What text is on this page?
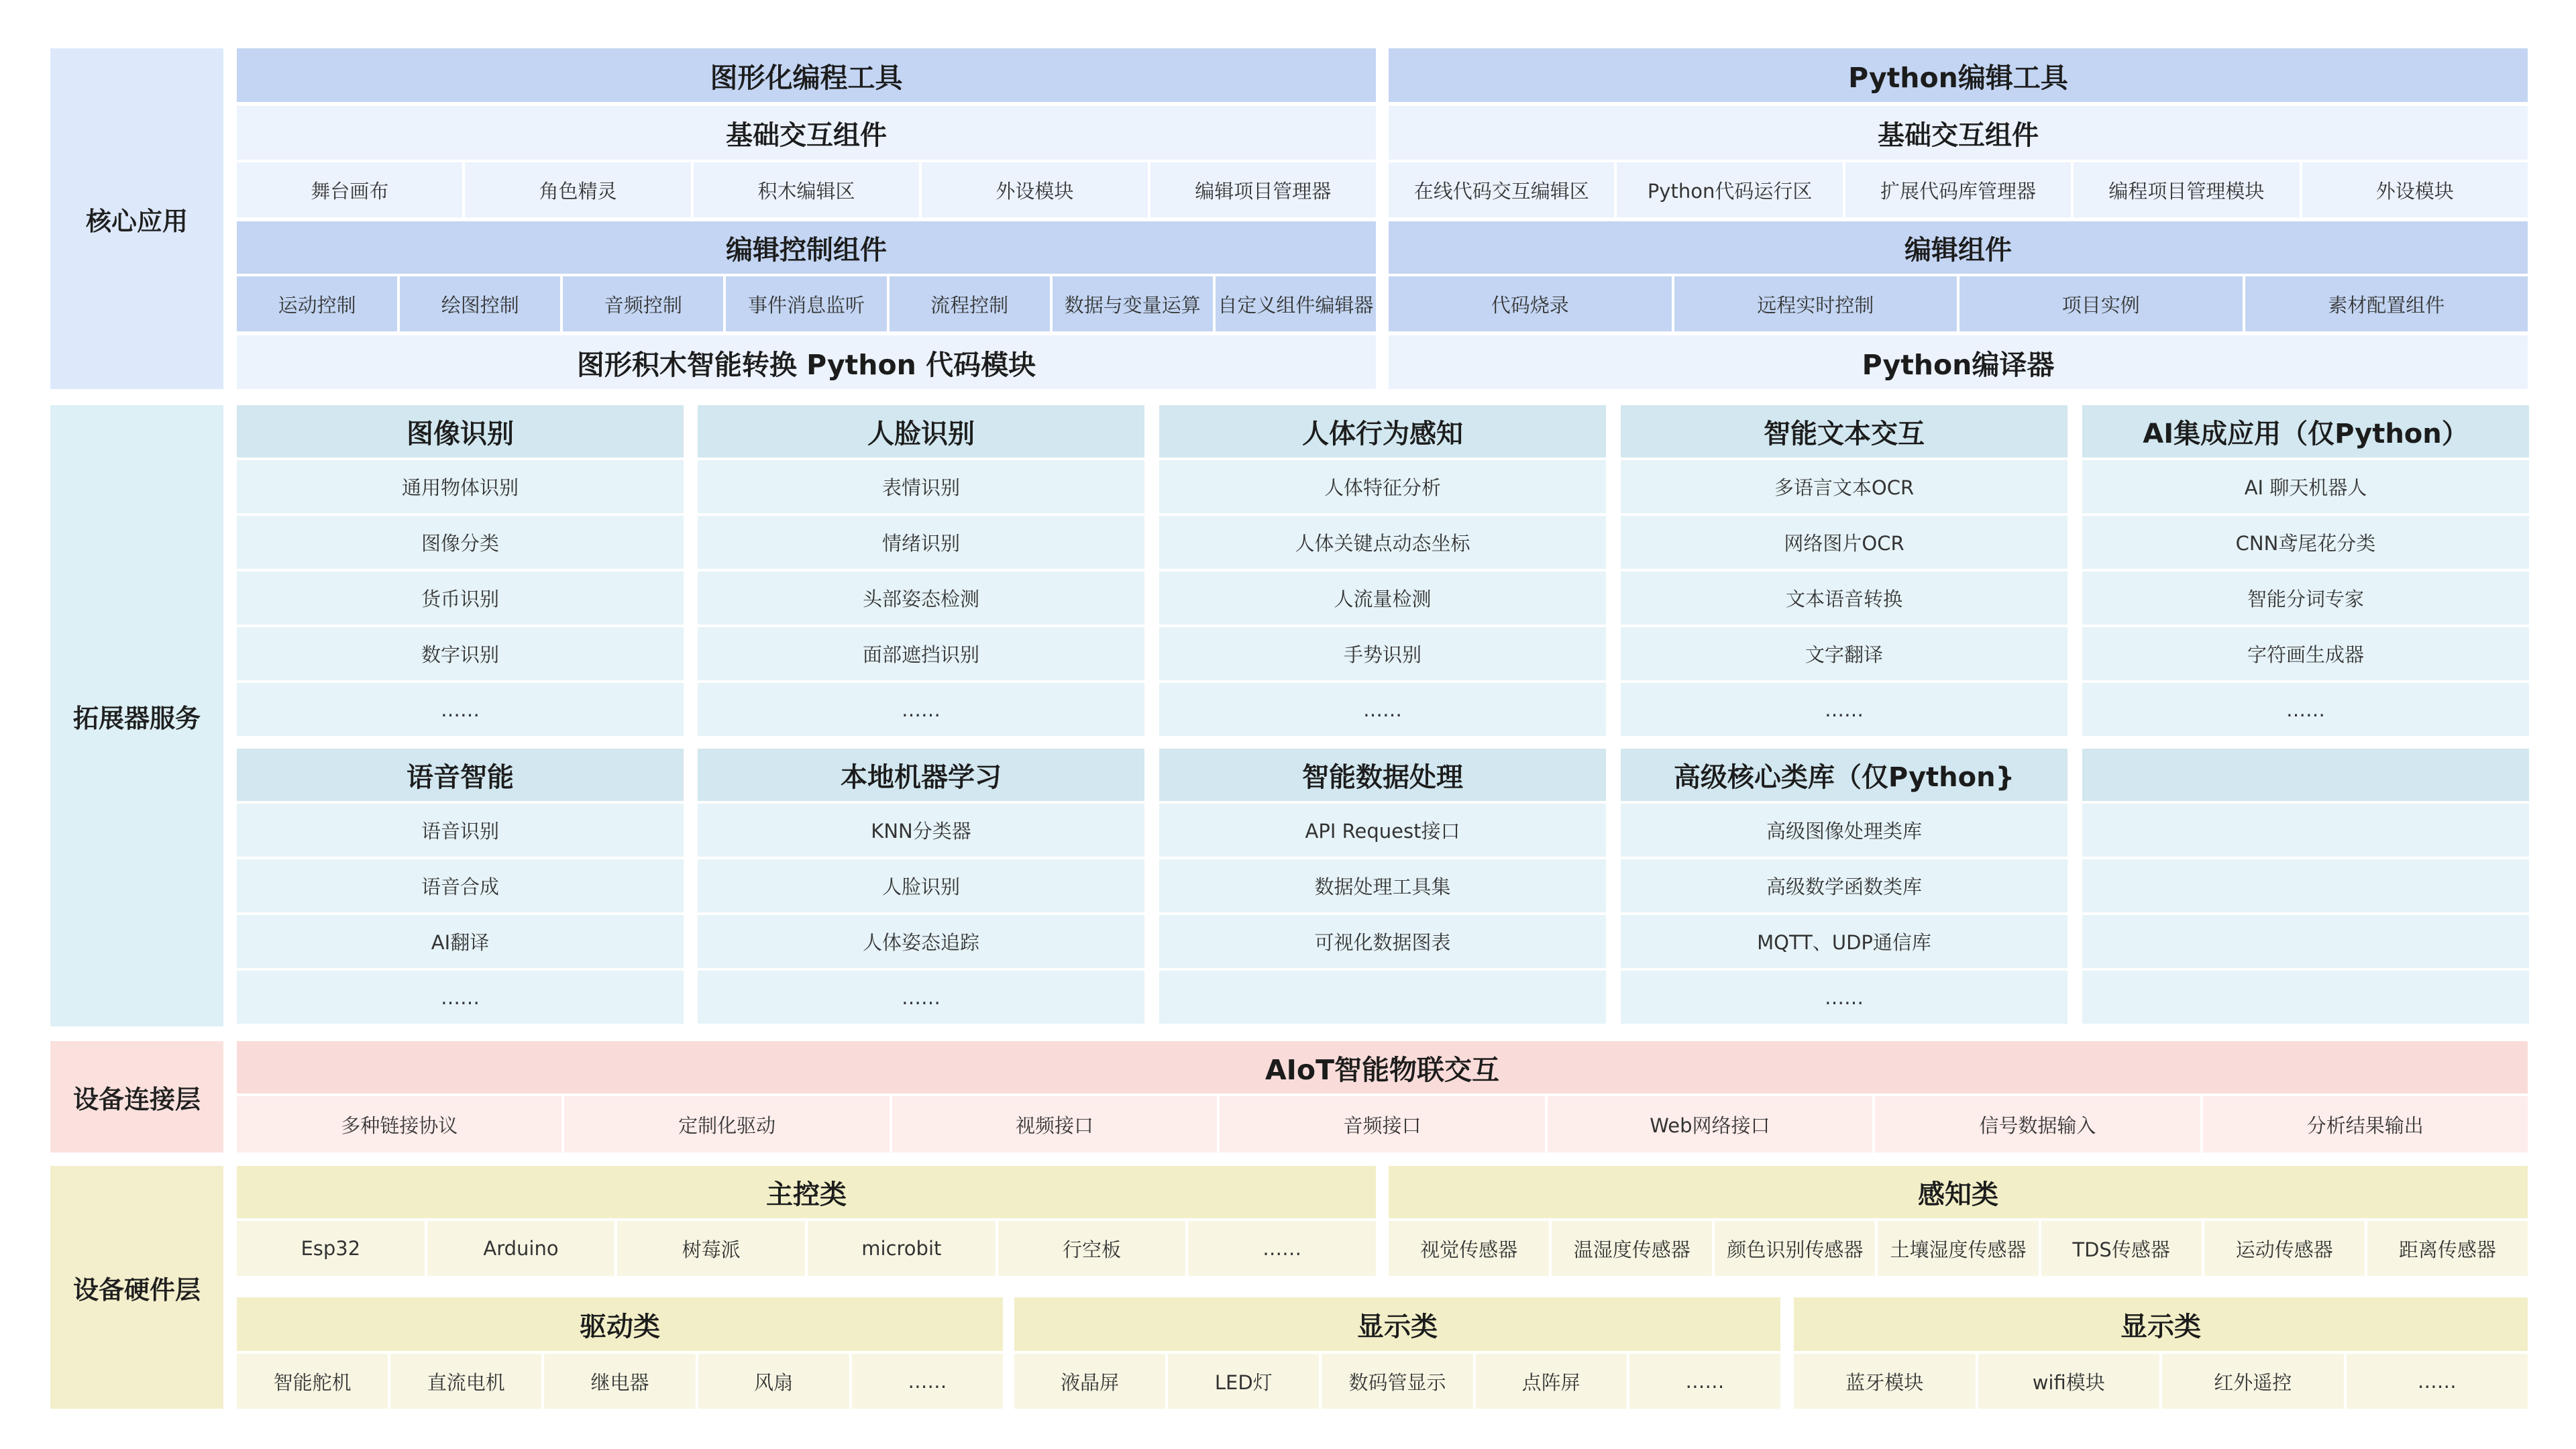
核心应用
拓展器服务
设备连接层
设备硬件层
图形化编程工具
基础交互组件
舞台画布	角色精灵	积木编辑区	外设模块	编辑项目管理器
编辑控制组件
运动控制	绘图控制	音频控制	事件消息监听	流程控制	数据与变量运算 自定义组件编辑器
图形积木智能转换 Python 代码模块
Python编辑工具
基础交互组件
在线代码交互编辑区	Python代码运行区	扩展代码库管理器	编程项目管理模块	外设模块
编辑组件
代码烧录	远程实时控制	项目实例	素材配置组件
Python编译器
图像识别
通用物体识别
图像分类
货币识别
数字识别
……
人脸识别
表情识别
情绪识别
头部姿态检测
面部遮挡识别
……
人体行为感知
人体特征分析
人体关键点动态坐标
人流量检测
手势识别
……
智能文本交互
多语言文本OCR
网络图片OCR
文本语音转换
文字翻译
……
AI集成应用（仅Python）
AI 聊天机器人
CNN鸢尾花分类
智能分词专家
字符画生成器
……
语音智能
语音识别
语音合成
AI翻译
……
本地机器学习
KNN分类器
人脸识别
人体姿态追踪
……
智能数据处理
API Request接口
数据处理工具集
可视化数据图表
高级核心类库（仅Python}
高级图像处理类库
高级数学函数类库
MQTT、UDP通信库
……
AIoT智能物联交互
多种链接协议	定制化驱动	视频接口	音频接口	Web网络接口	信号数据输入	分析结果输出
主控类
Esp32	Arduino	树莓派	microbit	行空板	……
感知类
视觉传感器	温湿度传感器 颜色识别传感器 土壤湿度传感器 TDS传感器	运动传感器	距离传感器
驱动类
智能舵机	直流电机	继电器	风扇	……
显示类
液晶屏	LED灯	数码管显示	点阵屏	……
显示类
蓝牙模块	wifi模块	红外遥控	……
